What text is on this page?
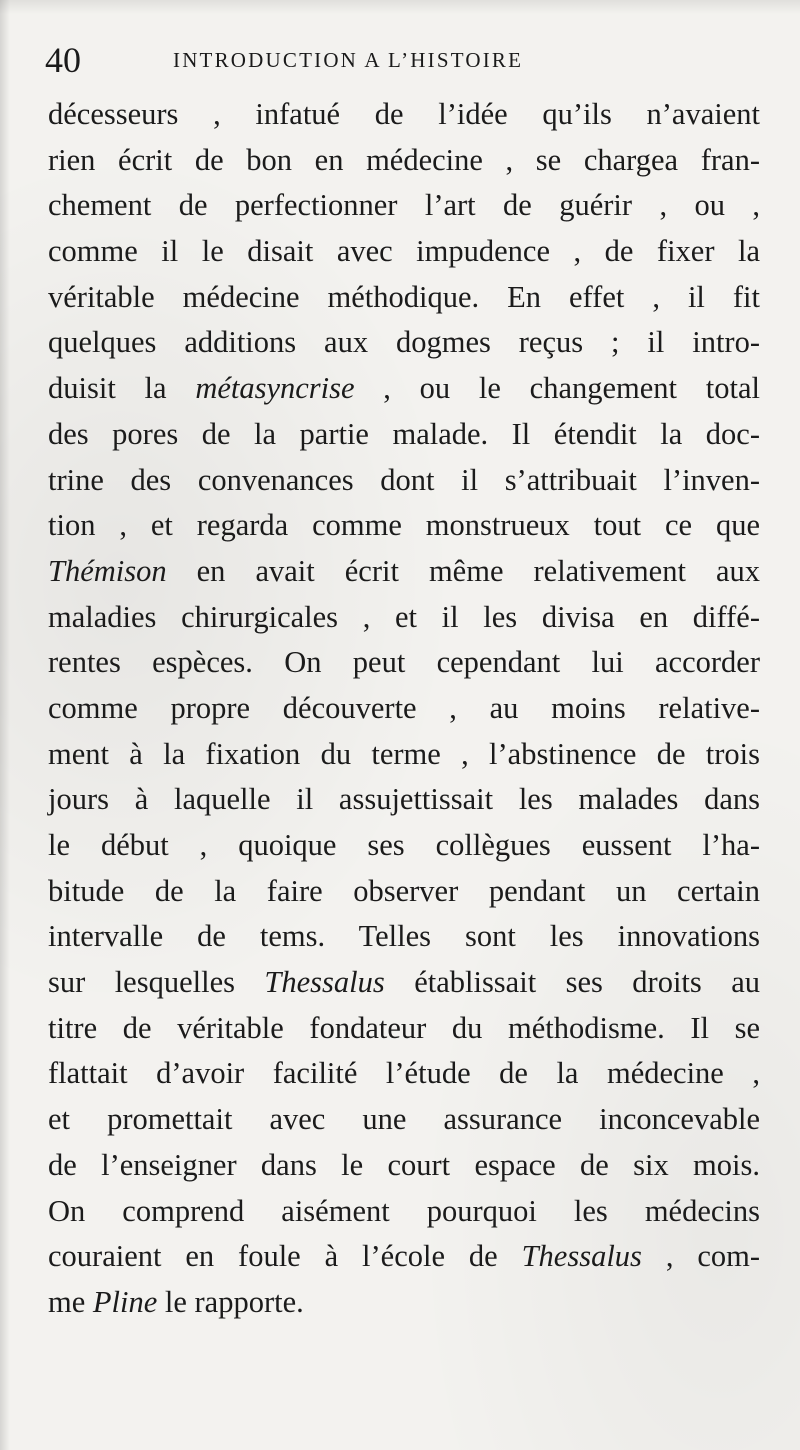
40	INTRODUCTION A L’HISTOIRE
décesseurs , infatué de l’idée qu’ils n’avaient
rien écrit de bon en médecine , se chargea fran-
chement de perfectionner l’art de guérir , ou ,
comme il le disait avec impudence , de fixer la
véritable médecine méthodique. En effet , il fit
quelques additions aux dogmes reçus ; il intro-
duisit la métasyncrise , ou le changement total
des pores de la partie malade. Il étendit la doc-
trine des convenances dont il s’attribuait l’inven-
tion , et regarda comme monstrueux tout ce que
Thémison en avait écrit même relativement aux
maladies chirurgicales , et il les divisa en diffé-
rentes espèces. On peut cependant lui accorder
comme propre découverte , au moins relative-
ment à la fixation du terme , l’abstinence de trois
jours à laquelle il assujettissait les malades dans
le début , quoique ses collègues eussent l’ha-
bitude de la faire observer pendant un certain
intervalle de tems. Telles sont les innovations
sur lesquelles Thessalus établissait ses droits au
titre de véritable fondateur du méthodisme. Il se
flattait d’avoir facilité l’étude de la médecine ,
et promettait avec une assurance inconcevable
de l’enseigner dans le court espace de six mois.
On comprend aisément pourquoi les médecins
couraient en foule à l’école de Thessalus , com-
me Pline le rapporte.
